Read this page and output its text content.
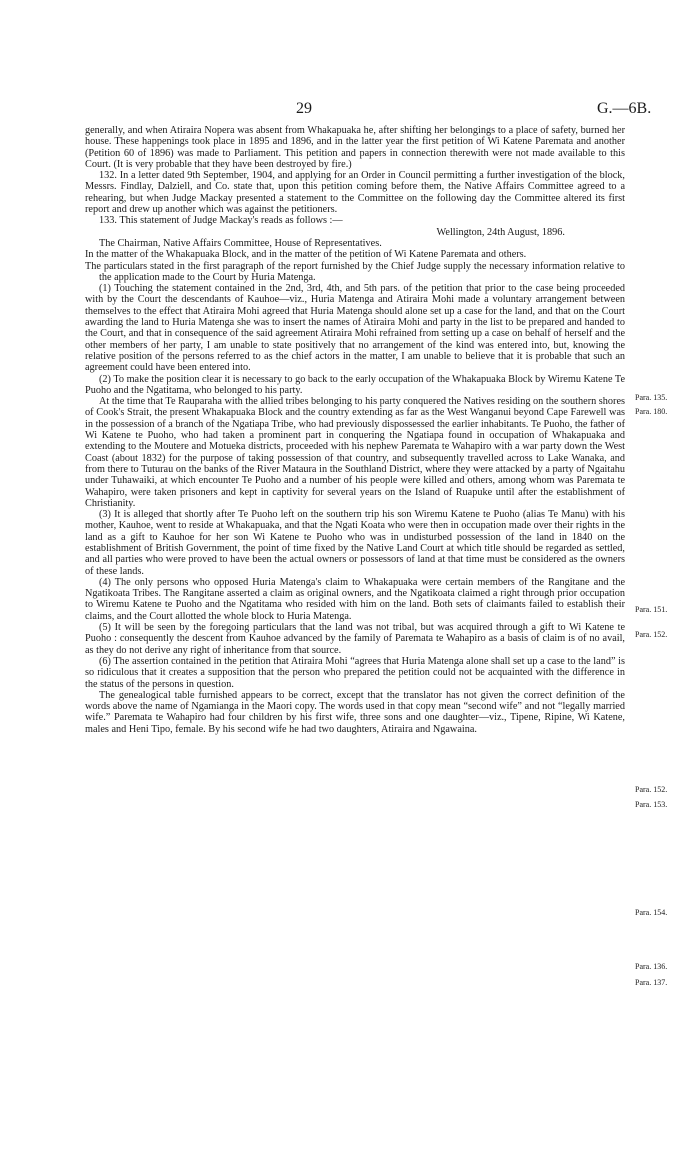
29	G.—6B.

generally, and when Atiraira Nopera was absent from Whakapuaka he, after shifting her belongings to a place of safety, burned her house. These happenings took place in 1895 and 1896, and in the latter year the first petition of Wi Katene Paremata and another (Petition 60 of 1896) was made to Parliament. This petition and papers in connection therewith were not made available to this Court. (It is very probable that they have been destroyed by fire.)

132. In a letter dated 9th September, 1904, and applying for an Order in Council permitting a further investigation of the block, Messrs. Findlay, Dalziell, and Co. state that, upon this petition coming before them, the Native Affairs Committee agreed to a rehearing, but when Judge Mackay presented a statement to the Committee on the following day the Committee altered its first report and drew up another which was against the petitioners.

133. This statement of Judge Mackay's reads as follows :—

Wellington, 24th August, 1896.

The Chairman, Native Affairs Committee, House of Representatives.

In the matter of the Whakapuaka Block, and in the matter of the petition of Wi Katene Paremata and others.

The particulars stated in the first paragraph of the report furnished by the Chief Judge supply the necessary information relative to the application made to the Court by Huria Matenga.

(1) Touching the statement contained in the 2nd, 3rd, 4th, and 5th pars. of the petition that prior to the case being proceeded with by the Court the descendants of Kauhoe—viz., Huria Matenga and Atiraira Mohi made a voluntary arrangement between themselves to the effect that Atiraira Mohi agreed that Huria Matenga should alone set up a case for the land, and that on the Court awarding the land to Huria Matenga she was to insert the names of Atiraira Mohi and party in the list to be prepared and handed to the Court, and that in consequence of the said agreement Atiraira Mohi refrained from setting up a case on behalf of herself and the other members of her party, I am unable to state positively that no arrangement of the kind was entered into, but, knowing the relative position of the persons referred to as the chief actors in the matter, I am unable to believe that it is probable that such an agreement could have been entered into.

(2) To make the position clear it is necessary to go back to the early occupation of the Whakapuaka Block by Wiremu Katene Te Puoho and the Ngatitama, who belonged to his party.

At the time that Te Rauparaha with the allied tribes belonging to his party conquered the Natives residing on the southern shores of Cook's Strait, the present Whakapuaka Block and the country extending as far as the West Wanganui beyond Cape Farewell was in the possession of a branch of the Ngatiapa Tribe, who had previously dispossessed the earlier inhabitants. Te Puoho, the father of Wi Katene te Puoho, who had taken a prominent part in conquering the Ngatiapa found in occupation of Whakapuaka and extending to the Moutere and Motueka districts, proceeded with his nephew Paremata te Wahapiro with a war party down the West Coast (about 1832) for the purpose of taking possession of that country, and subsequently travelled across to Lake Wanaka, and from there to Tuturau on the banks of the River Mataura in the Southland District, where they were attacked by a party of Ngaitahu under Tuhawaiki, at which encounter Te Puoho and a number of his people were killed and others, among whom was Paremata te Wahapiro, were taken prisoners and kept in captivity for several years on the Island of Ruapuke until after the establishment of Christianity.

(3) It is alleged that shortly after Te Puoho left on the southern trip his son Wiremu Katene te Puoho (alias Te Manu) with his mother, Kauhoe, went to reside at Whakapuaka, and that the Ngati Koata who were then in occupation made over their rights in the land as a gift to Kauhoe for her son Wi Katene te Puoho who was in undisturbed possession of the land in 1840 on the establishment of British Government, the point of time fixed by the Native Land Court at which title should be regarded as settled, and all parties who were proved to have been the actual owners or possessors of land at that time must be considered as the owners of these lands.

(4) The only persons who opposed Huria Matenga's claim to Whakapuaka were certain members of the Rangitane and the Ngatikoata Tribes. The Rangitane asserted a claim as original owners, and the Ngatikoata claimed a right through prior occupation to Wiremu Katene te Puoho and the Ngatitama who resided with him on the land. Both sets of claimants failed to establish their claims, and the Court allotted the whole block to Huria Matenga.

(5) It will be seen by the foregoing particulars that the land was not tribal, but was acquired through a gift to Wi Katene te Puoho : consequently the descent from Kauhoe advanced by the family of Paremata te Wahapiro as a basis of claim is of no avail, as they do not derive any right of inheritance from that source.

(6) The assertion contained in the petition that Atiraira Mohi “agrees that Huria Matenga alone shall set up a case to the land” is so ridiculous that it creates a supposition that the person who prepared the petition could not be acquainted with the difference in the status of the persons in question.

The genealogical table furnished appears to be correct, except that the translator has not given the correct definition of the words above the name of Ngamianga in the Maori copy. The words used in that copy mean “second wife” and not “legally married wife.” Paremata te Wahapiro had four children by his first wife, three sons and one daughter—viz., Tipene, Ripine, Wi Katene, males and Heni Tipo, female. By his second wife he had two daughters, Atiraira and Ngawaina.

Para. 135.
Para. 180.
Para. 151.
Para. 152.
Para. 152.
Para. 153.
Para. 154.
Para. 136.
Para. 137.
